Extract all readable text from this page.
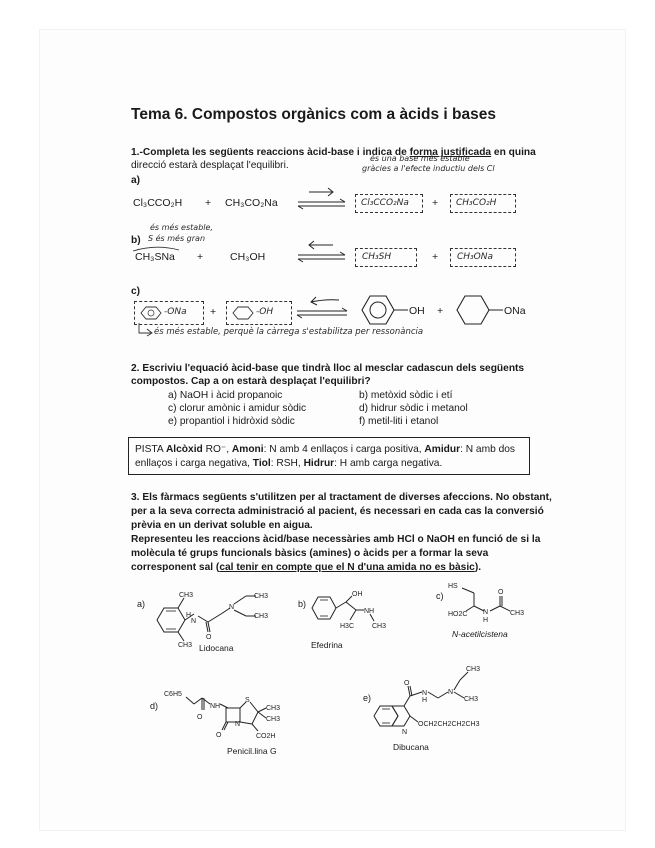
Tema 6. Compostos orgànics com a àcids i bases
1.-Completa les següents reaccions àcid-base i indica de forma justificada en quina
direcció estarà desplaçat l'equilibri.
és una base més estable
gràcies a l'efecte inductiu dels Cl
a)
Cl₃CCO₂H + CH₃CO₂Na	Cl₃CCO₂Na + CH₃CO₂H
és més estable,
b) S és més gran
CH₃SNa +	CH₃OH	CH₃SH	+ CH₃ONa
c)
-ONa +	-OH	OH +	ONa
és més estable, perquè la càrrega s'estabilitza per ressonància
2. Escriviu l'equació àcid-base que tindrà lloc al mesclar cadascun dels següents
compostos. Cap a on estarà desplaçat l'equilibri?
a) NaOH i àcid propanoic	b) metòxid sòdic i etí
c) clorur amònic i amidur sòdic	d) hidrur sòdic i metanol
e) propantiol i hidròxid sòdic	f) metil-liti i etanol
PISTA Alcòxid RO⁻, Amoni: N amb 4 enllaços i carga positiva, Amidur: N amb dos
enllaços i carga negativa, Tiol: RSH, Hidrur: H amb carga negativa.
3. Els fàrmacs següents s'utilitzen per al tractament de diverses afeccions. No obstant,
per a la seva correcta administració al pacient, és necessari en cada cas la conversió
prèvia en un derivat soluble en aigua.
Representeu les reaccions àcid/base necessàries amb HCl o NaOH en funció de si la
molècula té grups funcionals bàsics (amines) o àcids per a formar la seva
corresponent sal (cal tenir en compte que el N d'una amida no es bàsic).
a)
CH3
H
N
O
N
CH3
CH3
CH3 Lidocana
b)
OH
NH
H3C	CH3
Efedrina
c)
HS
HO2C N
H
O
CH3
N-acetilcistena
d)
C6H5
NH
O
S
N
O
CH3
CH3
CO2H
Penicil.lina G
e)
O
N
H
N
CH3
CH3
N
OCH2CH2CH2CH3
Dibucana
